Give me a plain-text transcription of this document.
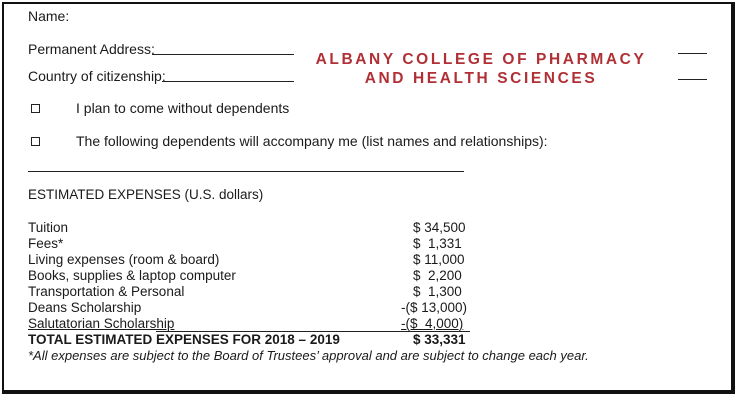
Name:
Permanent Address:
Country of citizenship:
ALBANY COLLEGE OF PHARMACY
AND HEALTH SCIENCES
I plan to come without dependents
The following dependents will accompany me (list names and relationships):
ESTIMATED EXPENSES (U.S. dollars)
Tuition	$ 34,500
Fees*	$  1,331
Living expenses (room & board)	$ 11,000
Books, supplies & laptop computer	$  2,200
Transportation & Personal	$  1,300
Deans Scholarship	-($ 13,000)
Salutatorian Scholarship	-($  4,000)
TOTAL ESTIMATED EXPENSES FOR 2018 – 2019	$ 33,331
*All expenses are subject to the Board of Trustees’ approval and are subject to change each year.
